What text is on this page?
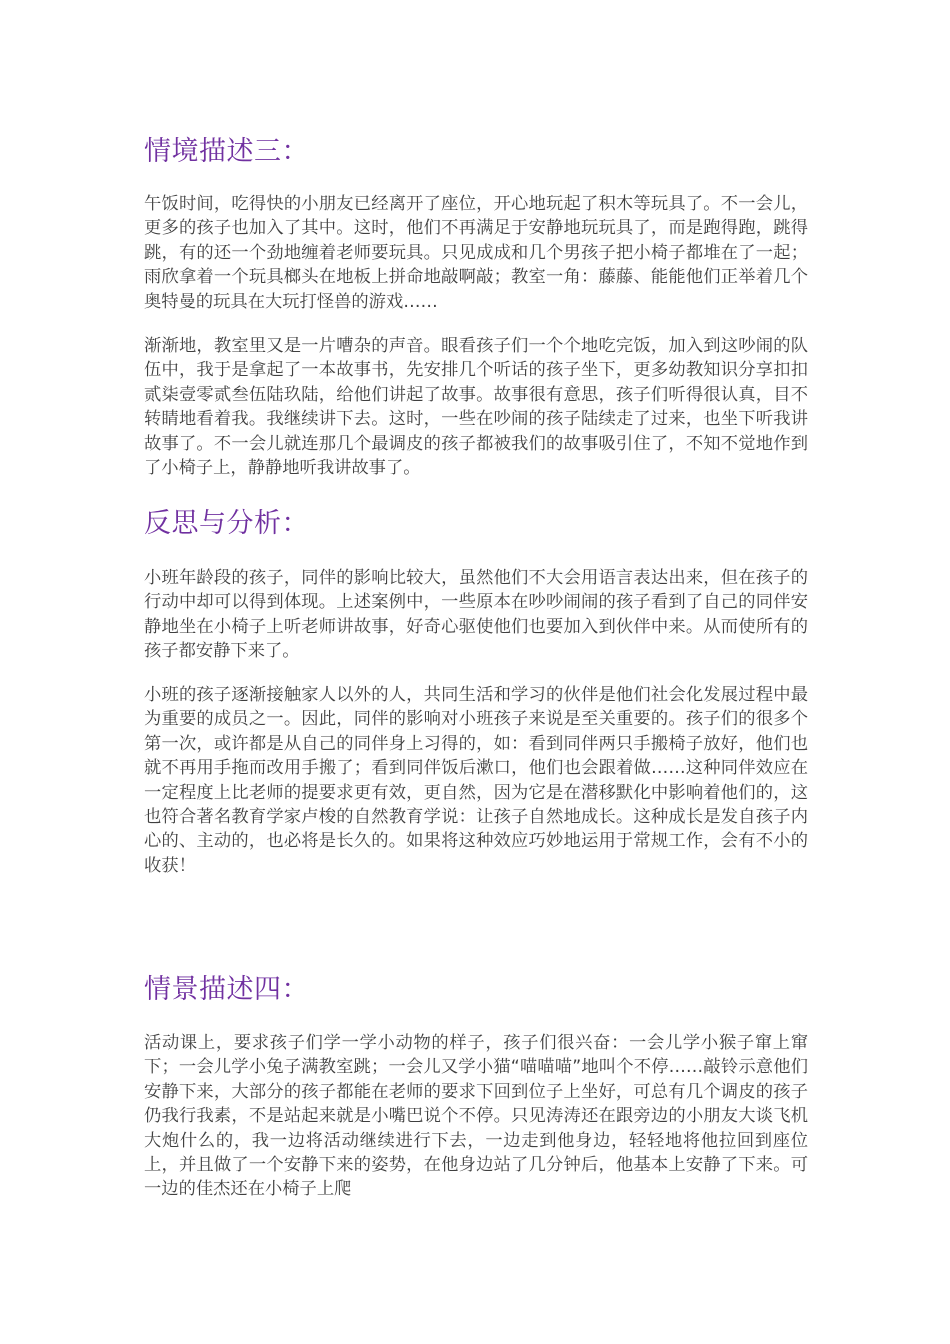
情境描述三：

午饭时间，吃得快的小朋友已经离开了座位，开心地玩起了积木等玩具了。不一会儿，更多的孩子也加入了其中。这时，他们不再满足于安静地玩玩具了，而是跑得跑，跳得跳，有的还一个劲地缠着老师要玩具。只见成成和几个男孩子把小椅子都堆在了一起；雨欣拿着一个玩具榔头在地板上拼命地敲啊敲；教室一角：藤藤、能能他们正举着几个奥特曼的玩具在大玩打怪兽的游戏……

渐渐地，教室里又是一片嘈杂的声音。眼看孩子们一个个地吃完饭，加入到这吵闹的队伍中，我于是拿起了一本故事书，先安排几个听话的孩子坐下，更多幼教知识分享扣扣贰柒壹零贰叁伍陆玖陆，给他们讲起了故事。故事很有意思，孩子们听得很认真，目不转睛地看着我。我继续讲下去。这时，一些在吵闹的孩子陆续走了过来，也坐下听我讲故事了。不一会儿就连那几个最调皮的孩子都被我们的故事吸引住了，不知不觉地作到了小椅子上，静静地听我讲故事了。

反思与分析：

小班年龄段的孩子，同伴的影响比较大，虽然他们不大会用语言表达出来，但在孩子的行动中却可以得到体现。上述案例中，一些原本在吵吵闹闹的孩子看到了自己的同伴安静地坐在小椅子上听老师讲故事，好奇心驱使他们也要加入到伙伴中来。从而使所有的孩子都安静下来了。

小班的孩子逐渐接触家人以外的人，共同生活和学习的伙伴是他们社会化发展过程中最为重要的成员之一。因此，同伴的影响对小班孩子来说是至关重要的。孩子们的很多个第一次，或许都是从自己的同伴身上习得的，如：看到同伴两只手搬椅子放好，他们也就不再用手拖而改用手搬了；看到同伴饭后漱口，他们也会跟着做……这种同伴效应在一定程度上比老师的提要求更有效，更自然，因为它是在潜移默化中影响着他们的，这也符合著名教育学家卢梭的自然教育学说：让孩子自然地成长。这种成长是发自孩子内心的、主动的，也必将是长久的。如果将这种效应巧妙地运用于常规工作，会有不小的收获！

情景描述四：

活动课上，要求孩子们学一学小动物的样子，孩子们很兴奋：一会儿学小猴子窜上窜下；一会儿学小兔子满教室跳；一会儿又学小猫“喵喵喵”地叫个不停……敲铃示意他们安静下来，大部分的孩子都能在老师的要求下回到位子上坐好，可总有几个调皮的孩子仍我行我素，不是站起来就是小嘴巴说个不停。只见涛涛还在跟旁边的小朋友大谈飞机大炮什么的，我一边将活动继续进行下去，一边走到他身边，轻轻地将他拉回到座位上，并且做了一个安静下来的姿势，在他身边站了几分钟后，他基本上安静了下来。可一边的佳杰还在小椅子上爬
